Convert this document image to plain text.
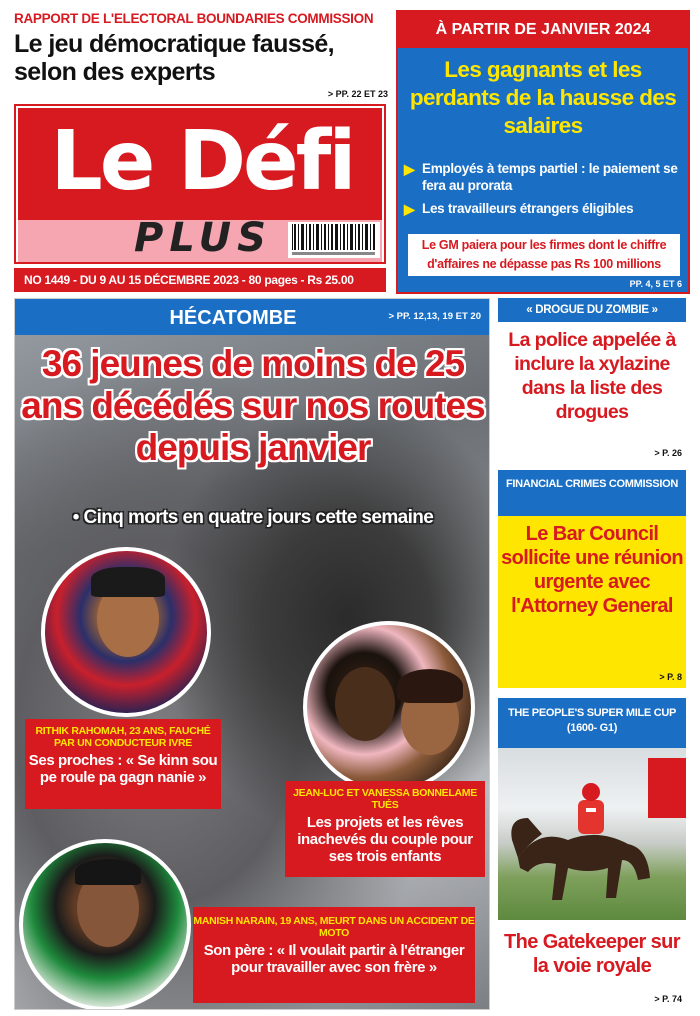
RAPPORT DE L'ELECTORAL BOUNDARIES COMMISSION
Le jeu démocratique faussé, selon des experts
> PP. 22 ET 23
À PARTIR DE JANVIER 2024
Les gagnants et les perdants de la hausse des salaires
▶ Employés à temps partiel : le paiement se fera au prorata
▶ Les travailleurs étrangers éligibles
Le GM paiera pour les firmes dont le chiffre d'affaires ne dépasse pas Rs 100 millions
PP. 4, 5 ET 6
Le Défi
PLUS
NO 1449 - DU 9 AU 15 DÉCEMBRE 2023 - 80 pages - Rs 25.00
HÉCATOMBE	> PP. 12,13, 19 ET 20
36 jeunes de moins de 25 ans décédés sur nos routes depuis janvier
• Cinq morts en quatre jours cette semaine
RITHIK RAHOMAH, 23 ANS, FAUCHÉ PAR UN CONDUCTEUR IVRE
Ses proches : « Se kinn sou pe roule pa gagn nanie »
JEAN-LUC ET VANESSA BONNELAME TUÉS
Les projets et les rêves inachevés du couple pour ses trois enfants
MANISH NARAIN, 19 ANS, MEURT DANS UN ACCIDENT DE MOTO
Son père : « Il voulait partir à l'étranger pour travailler avec son frère »
« DROGUE DU ZOMBIE »
La police appelée à inclure la xylazine dans la liste des drogues
> P. 26
FINANCIAL CRIMES COMMISSION
Le Bar Council sollicite une réunion urgente avec l'Attorney General
> P. 8
THE PEOPLE'S SUPER MILE CUP (1600- G1)
The Gatekeeper sur la voie royale
> P. 74
